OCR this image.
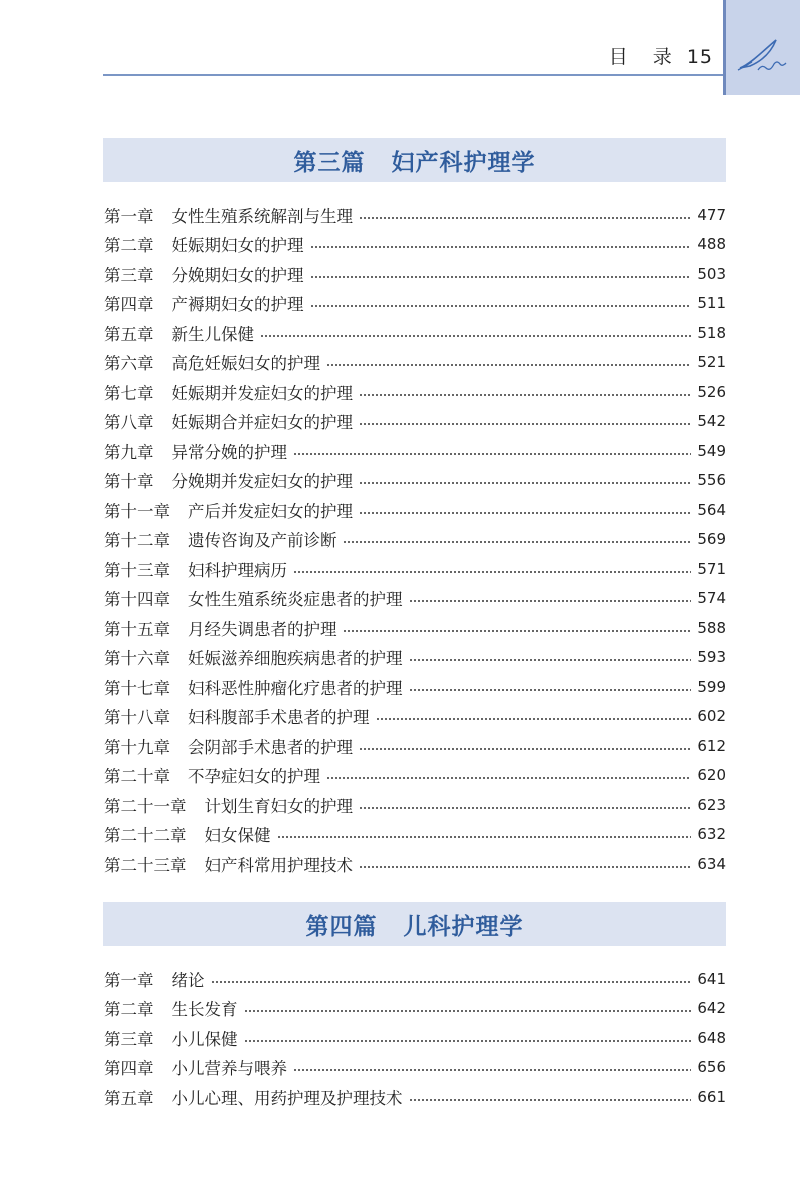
目 录 15
第三篇 妇产科护理学
第一章 女性生殖系统解剖与生理	477
第二章 妊娠期妇女的护理	488
第三章 分娩期妇女的护理	503
第四章 产褥期妇女的护理	511
第五章 新生儿保健	518
第六章 高危妊娠妇女的护理	521
第七章 妊娠期并发症妇女的护理	526
第八章 妊娠期合并症妇女的护理	542
第九章 异常分娩的护理	549
第十章 分娩期并发症妇女的护理	556
第十一章 产后并发症妇女的护理	564
第十二章 遗传咨询及产前诊断	569
第十三章 妇科护理病历	571
第十四章 女性生殖系统炎症患者的护理	574
第十五章 月经失调患者的护理	588
第十六章 妊娠滋养细胞疾病患者的护理	593
第十七章 妇科恶性肿瘤化疗患者的护理	599
第十八章 妇科腹部手术患者的护理	602
第十九章 会阴部手术患者的护理	612
第二十章 不孕症妇女的护理	620
第二十一章 计划生育妇女的护理	623
第二十二章 妇女保健	632
第二十三章 妇产科常用护理技术	634
第四篇 儿科护理学
第一章 绪论	641
第二章 生长发育	642
第三章 小儿保健	648
第四章 小儿营养与喂养	656
第五章 小儿心理、用药护理及护理技术	661
